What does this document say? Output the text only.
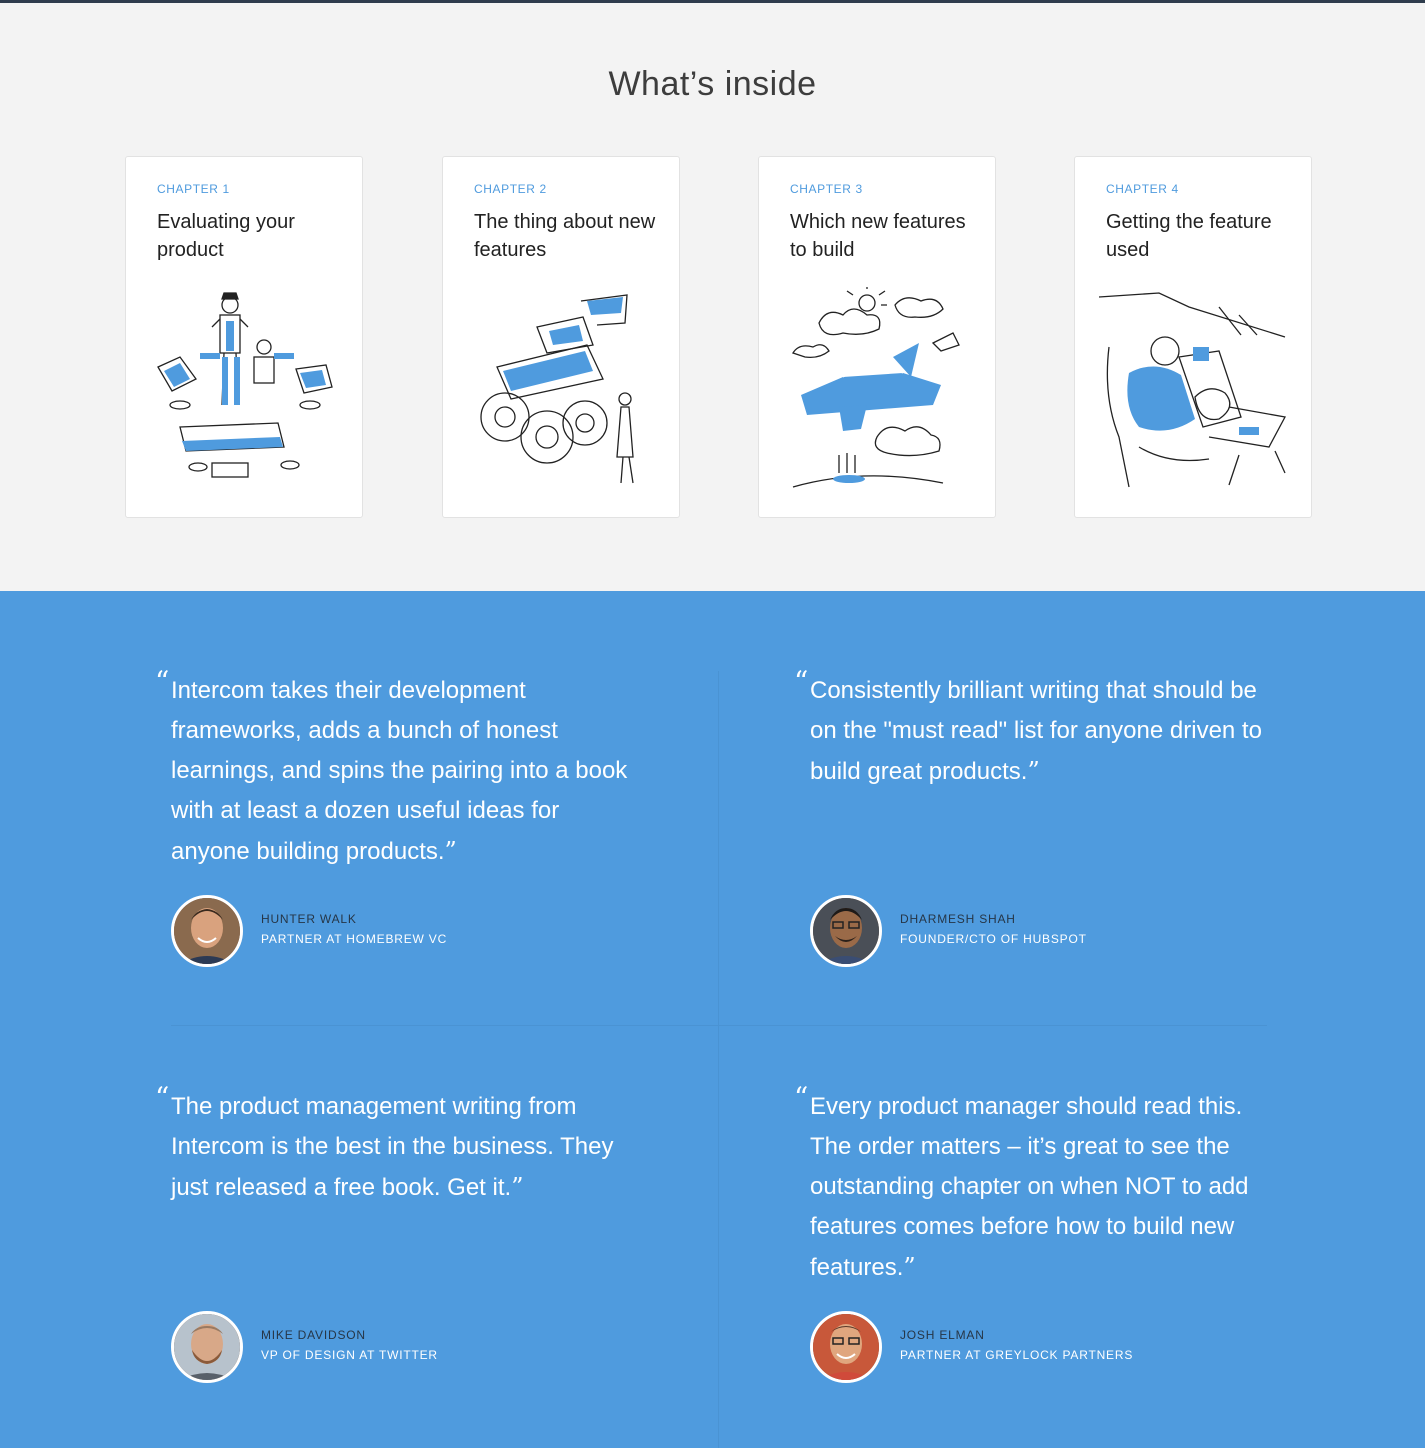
What’s inside
CHAPTER 1
Evaluating your product
CHAPTER 2
The thing about new features
CHAPTER 3
Which new features to build
CHAPTER 4
Getting the feature used
“ Intercom takes their development frameworks, adds a bunch of honest learnings, and spins the pairing into a book with at least a dozen useful ideas for anyone building products.”

HUNTER WALK
PARTNER AT HOMEBREW VC
“ Consistently brilliant writing that should be on the "must read" list for anyone driven to build great products.”

DHARMESH SHAH
FOUNDER/CTO OF HUBSPOT
“ The product management writing from Intercom is the best in the business. They just released a free book. Get it.”

MIKE DAVIDSON
VP OF DESIGN AT TWITTER
“ Every product manager should read this. The order matters – it’s great to see the outstanding chapter on when NOT to add features comes before how to build new features.”

JOSH ELMAN
PARTNER AT GREYLOCK PARTNERS
